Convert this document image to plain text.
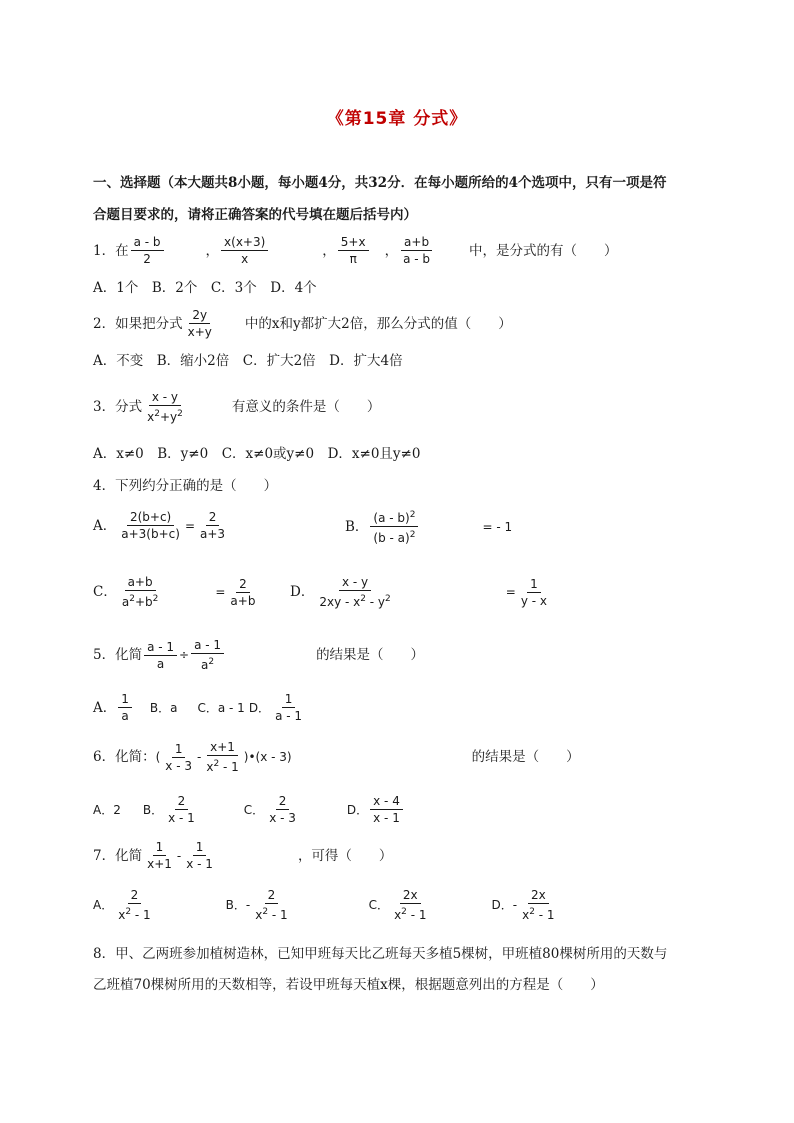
《第15章 分式》
一、选择题（本大题共8小题，每小题4分，共32分．在每小题所给的4个选项中，只有一项是符
合题目要求的，请将正确答案的代号填在题后括号内）
1．在 $\frac{a - b}{2}$	， $\frac{x(x+3)}{x}$	， $\frac{5+x}{\pi}$ ， $\frac{a+b}{a - b}$	中，是分式的有（　　）
A．1个　B．2个　C．3个　D．4个
2．如果把分式 $\frac{2y}{x+y}$ 中的x和y都扩大2倍，那么分式的值（　　）
A．不变　B．缩小2倍　C．扩大2倍　D．扩大4倍
3．分式 $\frac{x - y}{x^2+y^2}$	有意义的条件是（　　）
A．x≠0　B．y≠0　C．x≠0或y≠0　D．x≠0且y≠0
4．下列约分正确的是（　　）
A． $\frac{2(b+c)}{a+3(b+c)} = \frac{2}{a+3}$	B． $\frac{(a - b)^2}{(b - a)^2}$	= - 1
C． $\frac{a+b}{a^2+b^2}$	= $\frac{2}{a+b}$ D． $\frac{x - y}{2xy - x^2 - y^2}$	= $\frac{1}{y - x}$
5．化简 $\frac{a - 1}{a} \div \frac{a - 1}{a^2}$	的结果是（　　）
A． $\frac{1}{a}$ B．a C．a - 1 D． $\frac{1}{a - 1}$
6．化简： ( $\frac{1}{x - 3} - \frac{x+1}{x^2 - 1}$ )•(x - 3)	的结果是（　　）
A．2 B． $\frac{2}{x - 1}$	C． $\frac{2}{x - 3}$	D． $\frac{x - 4}{x - 1}$
7．化简 $\frac{1}{x+1} - \frac{1}{x - 1}$	，可得（　　）
A． $\frac{2}{x^2 - 1}$	B． - $\frac{2}{x^2 - 1}$	C． $\frac{2x}{x^2 - 1}$	D． - $\frac{2x}{x^2 - 1}$
8．甲、乙两班参加植树造林，已知甲班每天比乙班每天多植5棵树，甲班植80棵树所用的天数与
乙班植70棵树所用的天数相等，若设甲班每天植x棵，根据题意列出的方程是（　　）
